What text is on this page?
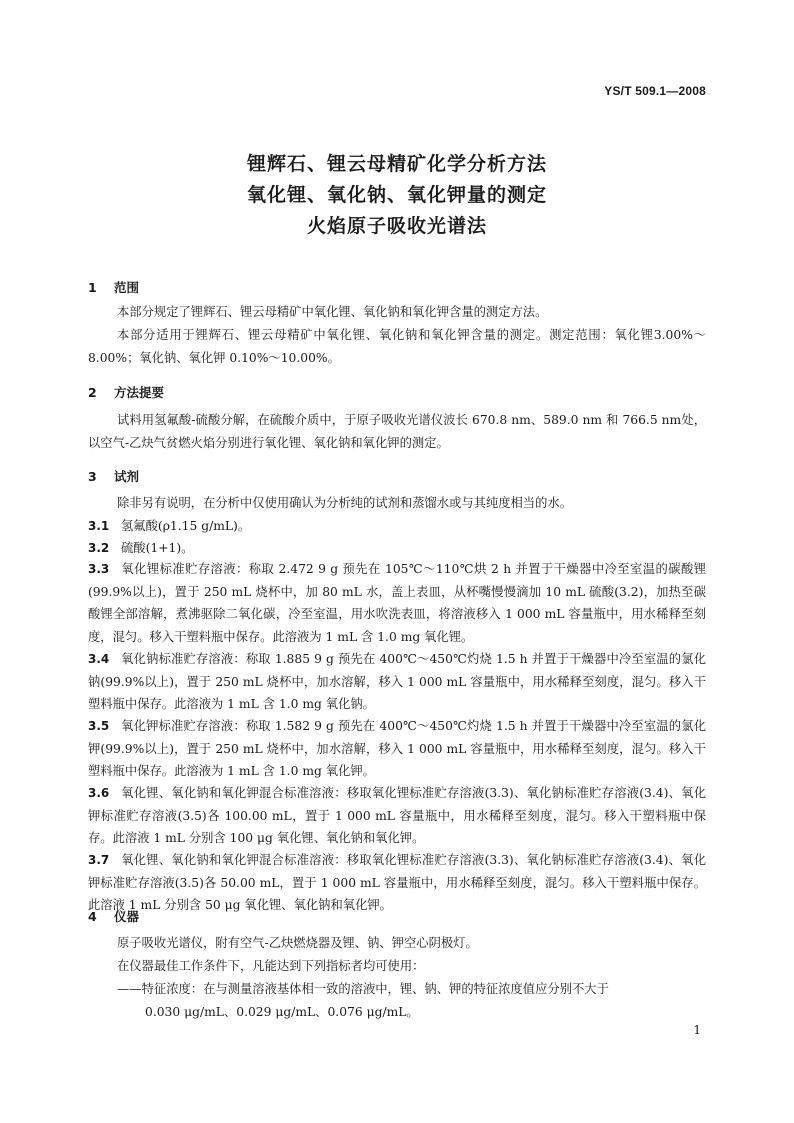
YS/T 509.1—2008
锂辉石、锂云母精矿化学分析方法
氧化锂、氧化钠、氧化钾量的测定
火焰原子吸收光谱法
1 范围
本部分规定了锂辉石、锂云母精矿中氧化锂、氧化钠和氧化钾含量的测定方法。
本部分适用于锂辉石、锂云母精矿中氧化锂、氧化钠和氧化钾含量的测定。测定范围：氧化锂3.00%～8.00%；氧化钠、氧化钾 0.10%～10.00%。
2 方法提要
试料用氢氟酸-硫酸分解，在硫酸介质中，于原子吸收光谱仪波长 670.8 nm、589.0 nm 和 766.5 nm处，以空气-乙炔气贫燃火焰分别进行氧化锂、氧化钠和氧化钾的测定。
3 试剂
除非另有说明，在分析中仅使用确认为分析纯的试剂和蒸馏水或与其纯度相当的水。
3.1 氢氟酸(ρ1.15 g/mL)。
3.2 硫酸(1+1)。
3.3 氧化锂标准贮存溶液：称取 2.472 9 g 预先在 105℃～110℃烘 2 h 并置于干燥器中冷至室温的碳酸锂(99.9%以上)，置于 250 mL 烧杯中，加 80 mL 水，盖上表皿，从杯嘴慢慢滴加 10 mL 硫酸(3.2)，加热至碳酸锂全部溶解，煮沸驱除二氧化碳，冷至室温，用水吹洗表皿，将溶液移入 1 000 mL 容量瓶中，用水稀释至刻度，混匀。移入干塑料瓶中保存。此溶液为 1 mL 含 1.0 mg 氧化锂。
3.4 氧化钠标准贮存溶液：称取 1.885 9 g 预先在 400℃～450℃灼烧 1.5 h 并置于干燥器中冷至室温的氯化钠(99.9%以上)，置于 250 mL 烧杯中，加水溶解，移入 1 000 mL 容量瓶中，用水稀释至刻度，混匀。移入干塑料瓶中保存。此溶液为 1 mL 含 1.0 mg 氧化钠。
3.5 氧化钾标准贮存溶液：称取 1.582 9 g 预先在 400℃～450℃灼烧 1.5 h 并置于干燥器中冷至室温的氯化钾(99.9%以上)，置于 250 mL 烧杯中，加水溶解，移入 1 000 mL 容量瓶中，用水稀释至刻度，混匀。移入干塑料瓶中保存。此溶液为 1 mL 含 1.0 mg 氧化钾。
3.6 氧化锂、氧化钠和氧化钾混合标准溶液：移取氧化锂标准贮存溶液(3.3)、氧化钠标准贮存溶液(3.4)、氧化钾标准贮存溶液(3.5)各 100.00 mL，置于 1 000 mL 容量瓶中，用水稀释至刻度，混匀。移入干塑料瓶中保存。此溶液 1 mL 分别含 100 μg 氧化锂、氧化钠和氧化钾。
3.7 氧化锂、氧化钠和氧化钾混合标准溶液：移取氧化锂标准贮存溶液(3.3)、氧化钠标准贮存溶液(3.4)、氧化钾标准贮存溶液(3.5)各 50.00 mL，置于 1 000 mL 容量瓶中，用水稀释至刻度，混匀。移入干塑料瓶中保存。此溶液 1 mL 分别含 50 μg 氧化锂、氧化钠和氧化钾。
4 仪器
原子吸收光谱仪，附有空气-乙炔燃烧器及锂、钠、钾空心阴极灯。
在仪器最佳工作条件下，凡能达到下列指标者均可使用：
——特征浓度：在与测量溶液基体相一致的溶液中，锂、钠、钾的特征浓度值应分别不大于
0.030 μg/mL、0.029 μg/mL、0.076 μg/mL。
1
